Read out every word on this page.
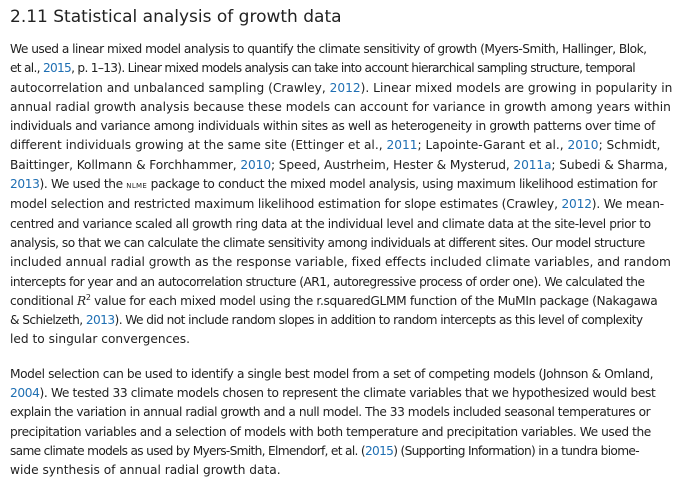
2.11 Statistical analysis of growth data

We used a linear mixed model analysis to quantify the climate sensitivity of growth (Myers-Smith, Hallinger, Blok,
et al., 2015, p. 1–13). Linear mixed models analysis can take into account hierarchical sampling structure, temporal
autocorrelation and unbalanced sampling (Crawley, 2012). Linear mixed models are growing in popularity in
annual radial growth analysis because these models can account for variance in growth among years within
individuals and variance among individuals within sites as well as heterogeneity in growth patterns over time of
different individuals growing at the same site (Ettinger et al., 2011; Lapointe-Garant et al., 2010; Schmidt,
Baittinger, Kollmann & Forchhammer, 2010; Speed, Austrheim, Hester & Mysterud, 2011a; Subedi & Sharma,
2013). We used the nlme package to conduct the mixed model analysis, using maximum likelihood estimation for
model selection and restricted maximum likelihood estimation for slope estimates (Crawley, 2012). We mean-
centred and variance scaled all growth ring data at the individual level and climate data at the site-level prior to
analysis, so that we can calculate the climate sensitivity among individuals at different sites. Our model structure
included annual radial growth as the response variable, fixed effects included climate variables, and random
intercepts for year and an autocorrelation structure (AR1, autoregressive process of order one). We calculated the
conditional $R^2$ value for each mixed model using the r.squaredGLMM function of the MuMIn package (Nakagawa
& Schielzeth, 2013). We did not include random slopes in addition to random intercepts as this level of complexity
led to singular convergences.

Model selection can be used to identify a single best model from a set of competing models (Johnson & Omland,
2004). We tested 33 climate models chosen to represent the climate variables that we hypothesized would best
explain the variation in annual radial growth and a null model. The 33 models included seasonal temperatures or
precipitation variables and a selection of models with both temperature and precipitation variables. We used the
same climate models as used by Myers-Smith, Elmendorf, et al. (2015) (Supporting Information) in a tundra biome-
wide synthesis of annual radial growth data.
